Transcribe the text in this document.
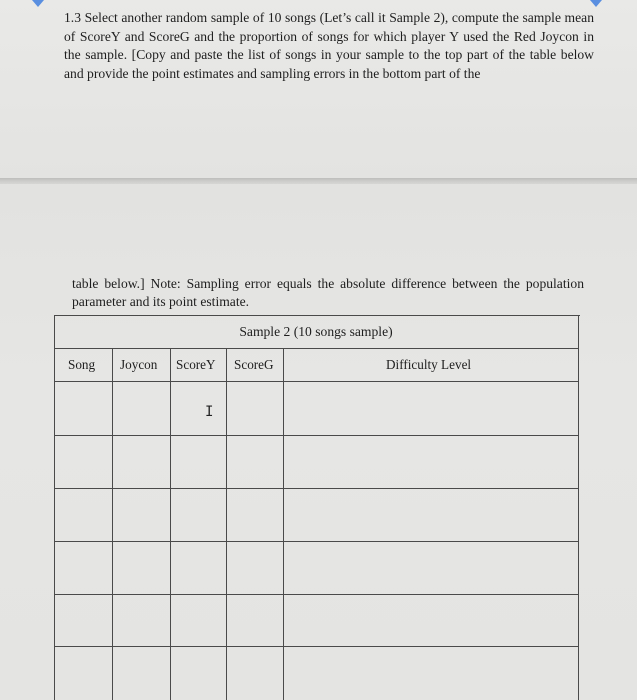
1.3 Select another random sample of 10 songs (Let’s call it Sample 2), compute the sample mean of ScoreY and ScoreG and the proportion of songs for which player Y used the Red Joycon in the sample. [Copy and paste the list of songs in your sample to the top part of the table below and provide the point estimates and sampling errors in the bottom part of the

table below.] Note: Sampling error equals the absolute difference between the population parameter and its point estimate.

Sample 2 (10 songs sample)
Song Joycon ScoreY ScoreG	Difficulty Level
I
